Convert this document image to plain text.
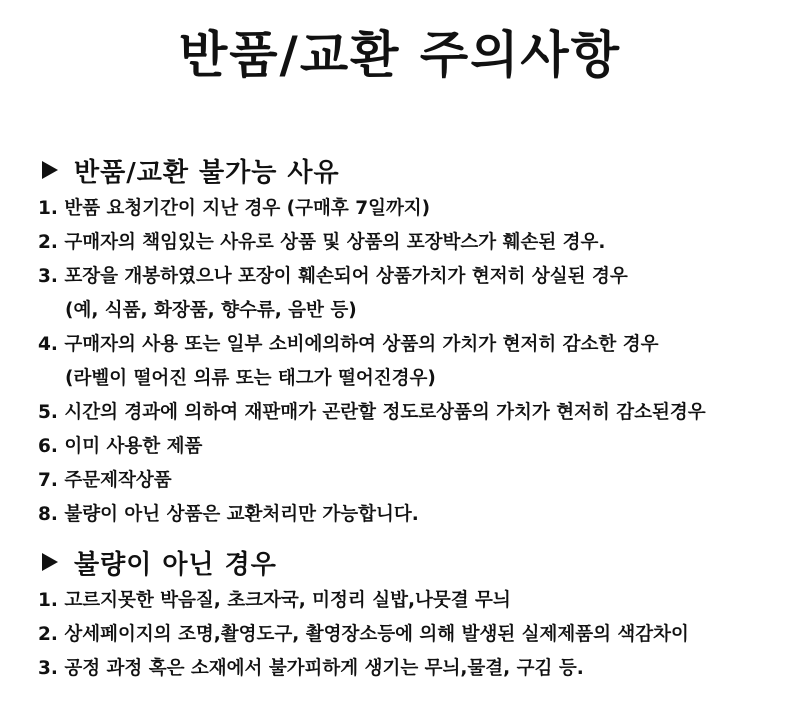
반품/교환 주의사항
반품/교환 불가능 사유
1. 반품 요청기간이 지난 경우 (구매후 7일까지)
2. 구매자의 책임있는 사유로 상품 및 상품의 포장박스가 훼손된 경우.
3. 포장을 개봉하였으나 포장이 훼손되어 상품가치가 현저히 상실된 경우
(예, 식품, 화장품, 향수류, 음반 등)
4. 구매자의 사용 또는 일부 소비에의하여 상품의 가치가 현저히 감소한 경우
(라벨이 떨어진 의류 또는 태그가 떨어진경우)
5. 시간의 경과에 의하여 재판매가 곤란할 정도로상품의 가치가 현저히 감소된경우
6. 이미 사용한 제품
7. 주문제작상품
8. 불량이 아닌 상품은 교환처리만 가능합니다.
불량이 아닌 경우
1. 고르지못한 박음질, 초크자국, 미정리 실밥,나뭇결 무늬
2. 상세페이지의 조명,촬영도구, 촬영장소등에 의해 발생된 실제제품의 색감차이
3. 공정 과정 혹은 소재에서 불가피하게 생기는 무늬,물결, 구김 등.
